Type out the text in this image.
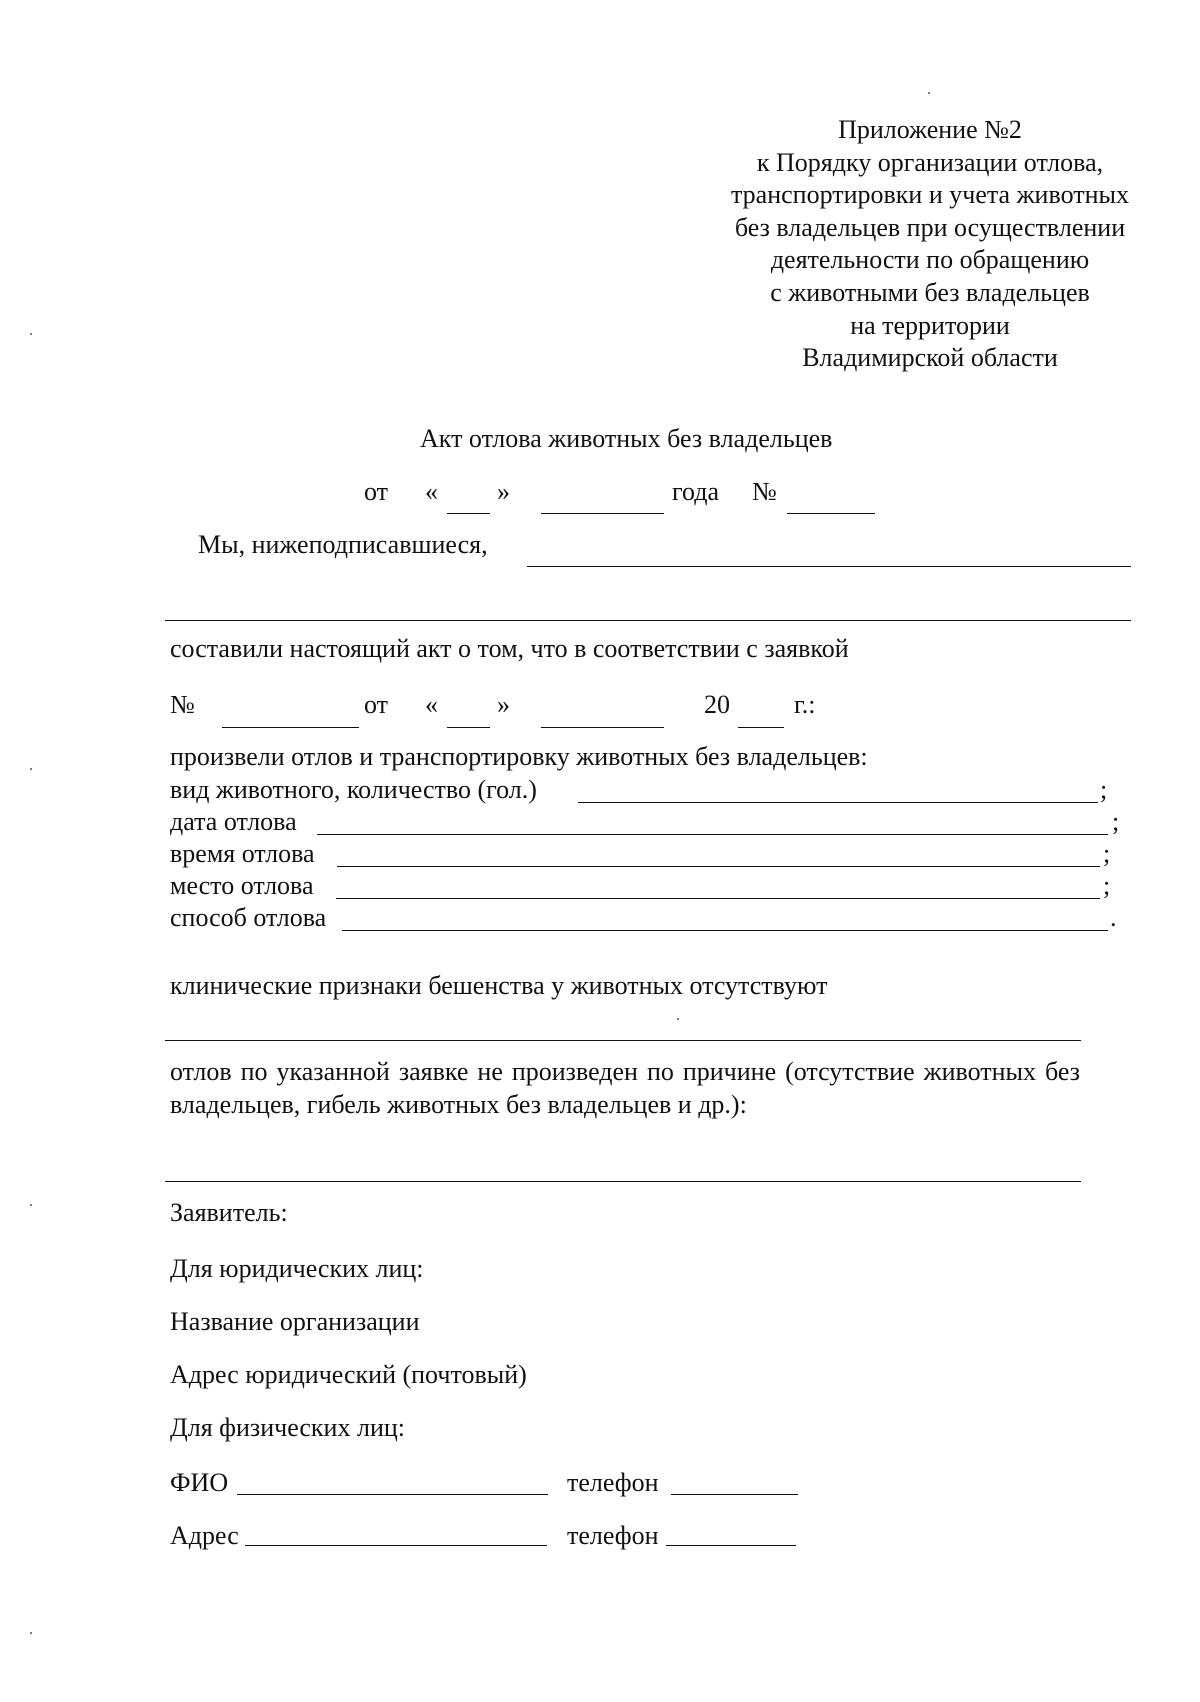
Приложение №2
к Порядку организации отлова,
транспортировки и учета животных
без владельцев при осуществлении
деятельности по обращению
с животными без владельцев
на территории
Владимирской области
Акт отлова животных без владельцев
от « »	года №
Мы, нижеподписавшиеся,
составили настоящий акт о том, что в соответствии с заявкой
№	от « »	20 г.:
произвели отлов и транспортировку животных без владельцев:
вид животного, количество (гол.)	;
дата отлова	;
время отлова	;
место отлова	;
способ отлова	.
клинические признаки бешенства у животных отсутствуют
отлов по указанной заявке не произведен по причине (отсутствие животных без владельцев, гибель животных без владельцев и др.):
Заявитель:
Для юридических лиц:
Название организации
Адрес юридический (почтовый)
Для физических лиц:
ФИО	телефон
Адрес	телефон
